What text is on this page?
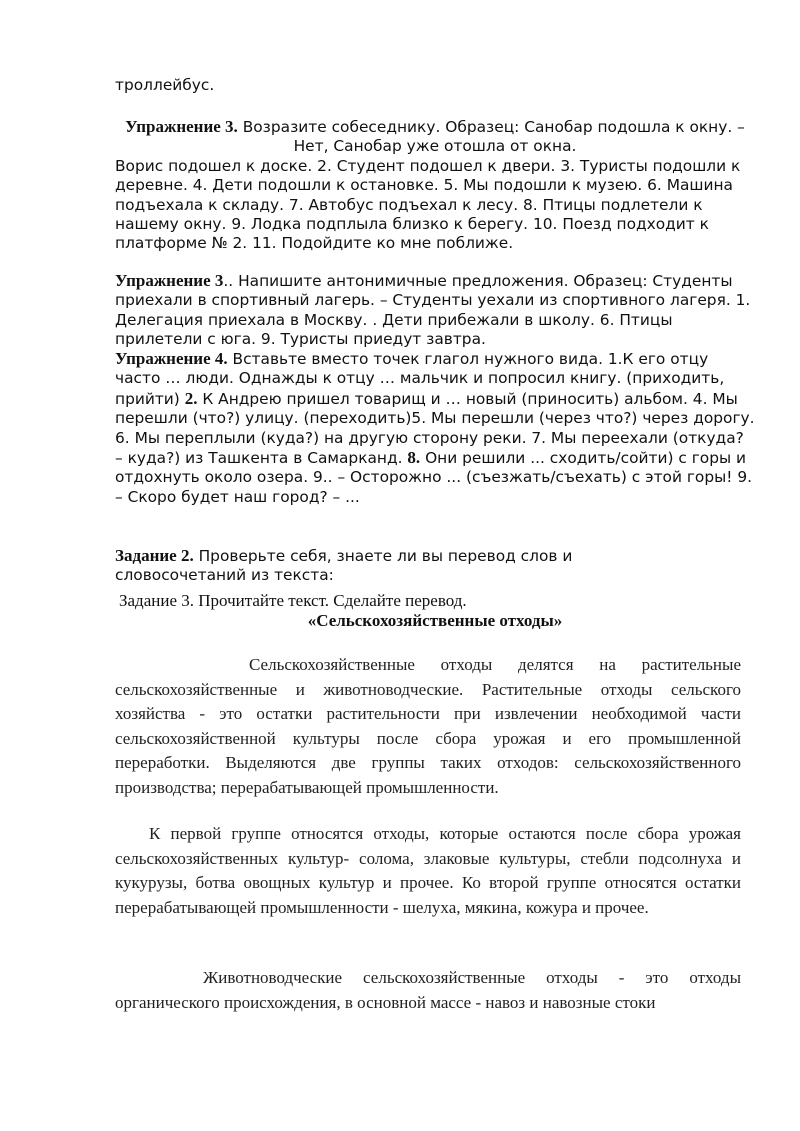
троллейбус.

Упражнение 3. Возразите собеседнику. Образец: Санобар подошла к окну. –
Нет, Санобар уже отошла от окна.
Ворис подошел к доске. 2. Студент подошел к двери. 3. Туристы подошли к деревне. 4. Дети подошли к остановке. 5. Мы подошли к музею. 6. Машина подъехала к складу. 7. Автобус подъехал к лесу. 8. Птицы подлетели к нашему окну. 9. Лодка подплыла близко к берегу. 10. Поезд подходит к платформе № 2. 11. Подойдите ко мне поближе.
Упражнение 3.. Напишите антонимичные предложения. Образец: Студенты приехали в спортивный лагерь. – Студенты уехали из спортивного лагеря. 1. Делегация приехала в Москву. . Дети прибежали в школу. 6. Птицы прилетели с юга. 9. Туристы приедут завтра.
Упражнение 4. Вставьте вместо точек глагол нужного вида. 1.К его отцу часто … люди. Однажды к отцу … мальчик и попросил книгу. (приходить, прийти) 2. К Андрею пришел товарищ и … новый (приносить) альбом. 4. Мы перешли (что?) улицу. (переходить)5. Мы перешли (через что?) через дорогу. 6. Мы переплыли (куда?) на другую сторону реки. 7. Мы переехали (откуда? – куда?) из Ташкента в Самарканд. 8. Они решили ... сходить/сойти) с горы и отдохнуть около озера. 9.. – Осторожно ... (съезжать/съехать) с этой горы! 9. – Скоро будет наш город? – ...
Задание 2. Проверьте себя, знаете ли вы перевод слов и
словосочетаний из текста:

Задание 3. Прочитайте текст. Сделайте перевод.

«Сельскохозяйственные отходы»

Сельскохозяйственные отходы делятся на растительные сельскохозяйственные и животноводческие. Растительные отходы сельского хозяйства - это остатки растительности при извлечении необходимой части сельскохозяйственной культуры после сбора урожая и его промышленной переработки. Выделяются две группы таких отходов: сельскохозяйственного производства; перерабатывающей промышленности.

К первой группе относятся отходы, которые остаются после сбора урожая сельскохозяйственных культур- солома, злаковые культуры, стебли подсолнуха и кукурузы, ботва овощных культур и прочее. Ко второй группе относятся остатки перерабатывающей промышленности - шелуха, мякина, кожура и прочее.

Животноводческие сельскохозяйственные отходы - это отходы органического происхождения, в основной массе - навоз и навозные стоки
